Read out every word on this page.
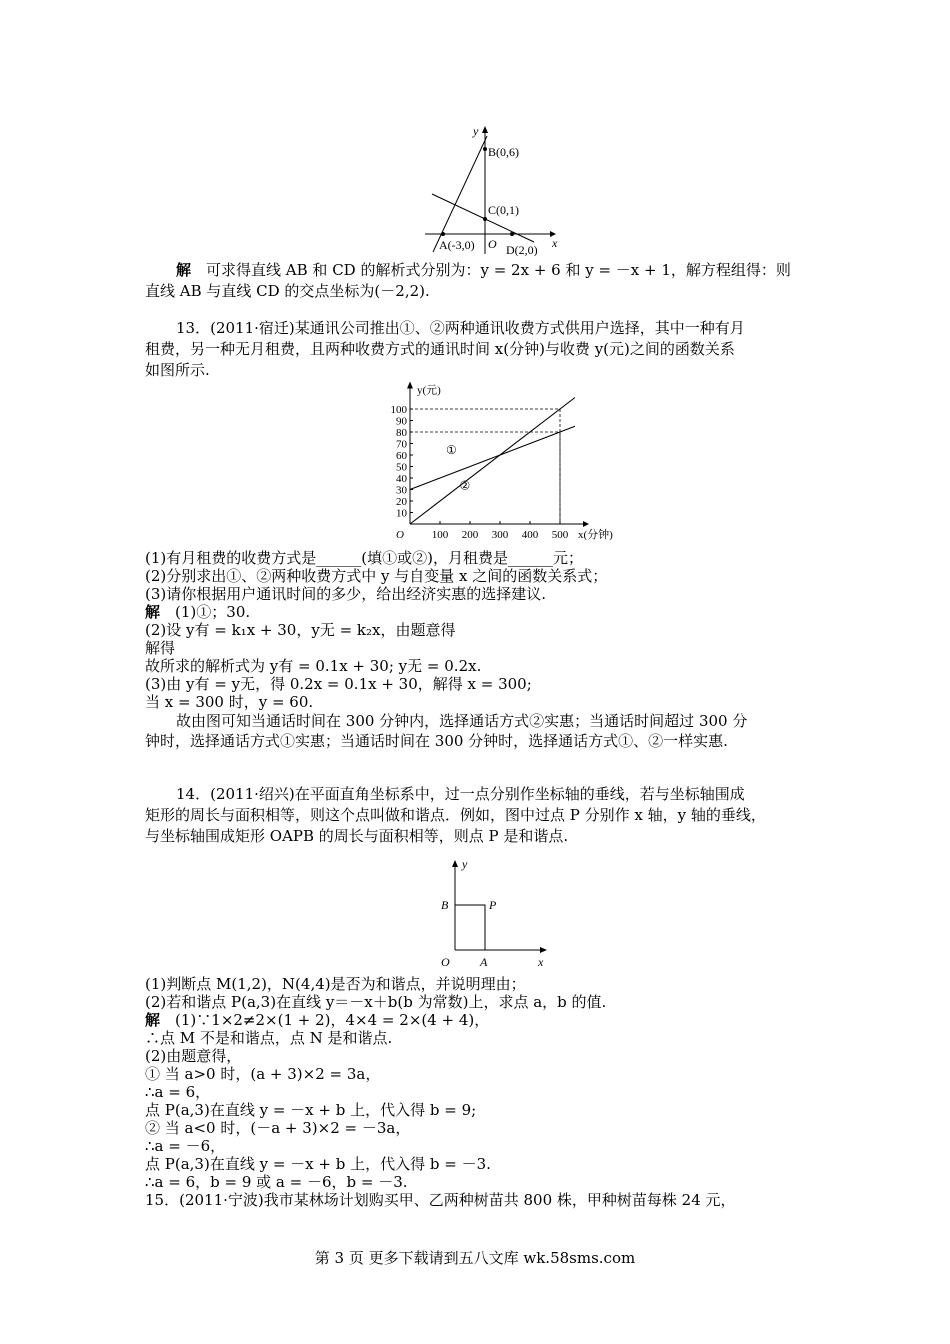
y
x
B(0,6)
C(0,1)
O
A(-3,0)	D(2,0)
解　 可求得直线 AB 和 CD 的解析式分别为：y = 2x + 6 和 y = －x + 1，解方程组得：则
直线 AB 与直线 CD 的交点坐标为(－2,2).
13．(2011·宿迁)某通讯公司推出①、②两种通讯收费方式供用户选择，其中一种有月
租费，另一种无月租费，且两种收费方式的通讯时间 x(分钟)与收费 y(元)之间的函数关系
如图所示.
10
20
30
40
50
60
70
80
90
100
100 200 300 400 500
O
y(元)
x(分钟)
①
②
(1)有月租费的收费方式是______(填①或②)，月租费是______元；
(2)分别求出①、②两种收费方式中 y 与自变量 x 之间的函数关系式；
(3)请你根据用户通讯时间的多少，给出经济实惠的选择建议.
解　 (1)①；30.
(2)设 y有 = k₁x + 30，y无 = k₂x，由题意得
解得
故所求的解析式为 y有 = 0.1x + 30; y无 = 0.2x.
(3)由 y有 = y无，得 0.2x = 0.1x + 30，解得 x = 300;
当 x = 300 时，y = 60.
故由图可知当通话时间在 300 分钟内，选择通话方式②实惠；当通话时间超过 300 分
钟时，选择通话方式①实惠；当通话时间在 300 分钟时，选择通话方式①、②一样实惠.
14．(2011·绍兴)在平面直角坐标系中，过一点分别作坐标轴的垂线，若与坐标轴围成
矩形的周长与面积相等，则这个点叫做和谐点．例如，图中过点 P 分别作 x 轴，y 轴的垂线，
与坐标轴围成矩形 OAPB 的周长与面积相等，则点 P 是和谐点.
y
x
O
B	P
A
(1)判断点 M(1,2)，N(4,4)是否为和谐点，并说明理由；
(2)若和谐点 P(a,3)在直线 y＝－x＋b(b 为常数)上，求点 a，b 的值.
解　 (1)∵1×2≠2×(1 + 2)，4×4 = 2×(4 + 4)，
∴点 M 不是和谐点，点 N 是和谐点.
(2)由题意得，
① 当 a>0 时，(a + 3)×2 = 3a，
∴a = 6，
点 P(a,3)在直线 y = －x + b 上，代入得 b = 9;
② 当 a<0 时，(－a + 3)×2 = －3a，
∴a = －6，
点 P(a,3)在直线 y = －x + b 上，代入得 b = －3.
∴a = 6，b = 9 或 a = －6，b = －3.
15．(2011·宁波)我市某林场计划购买甲、乙两种树苗共 800 株，甲种树苗每株 24 元，
第 3 页 更多下载请到五八文库 wk.58sms.com
